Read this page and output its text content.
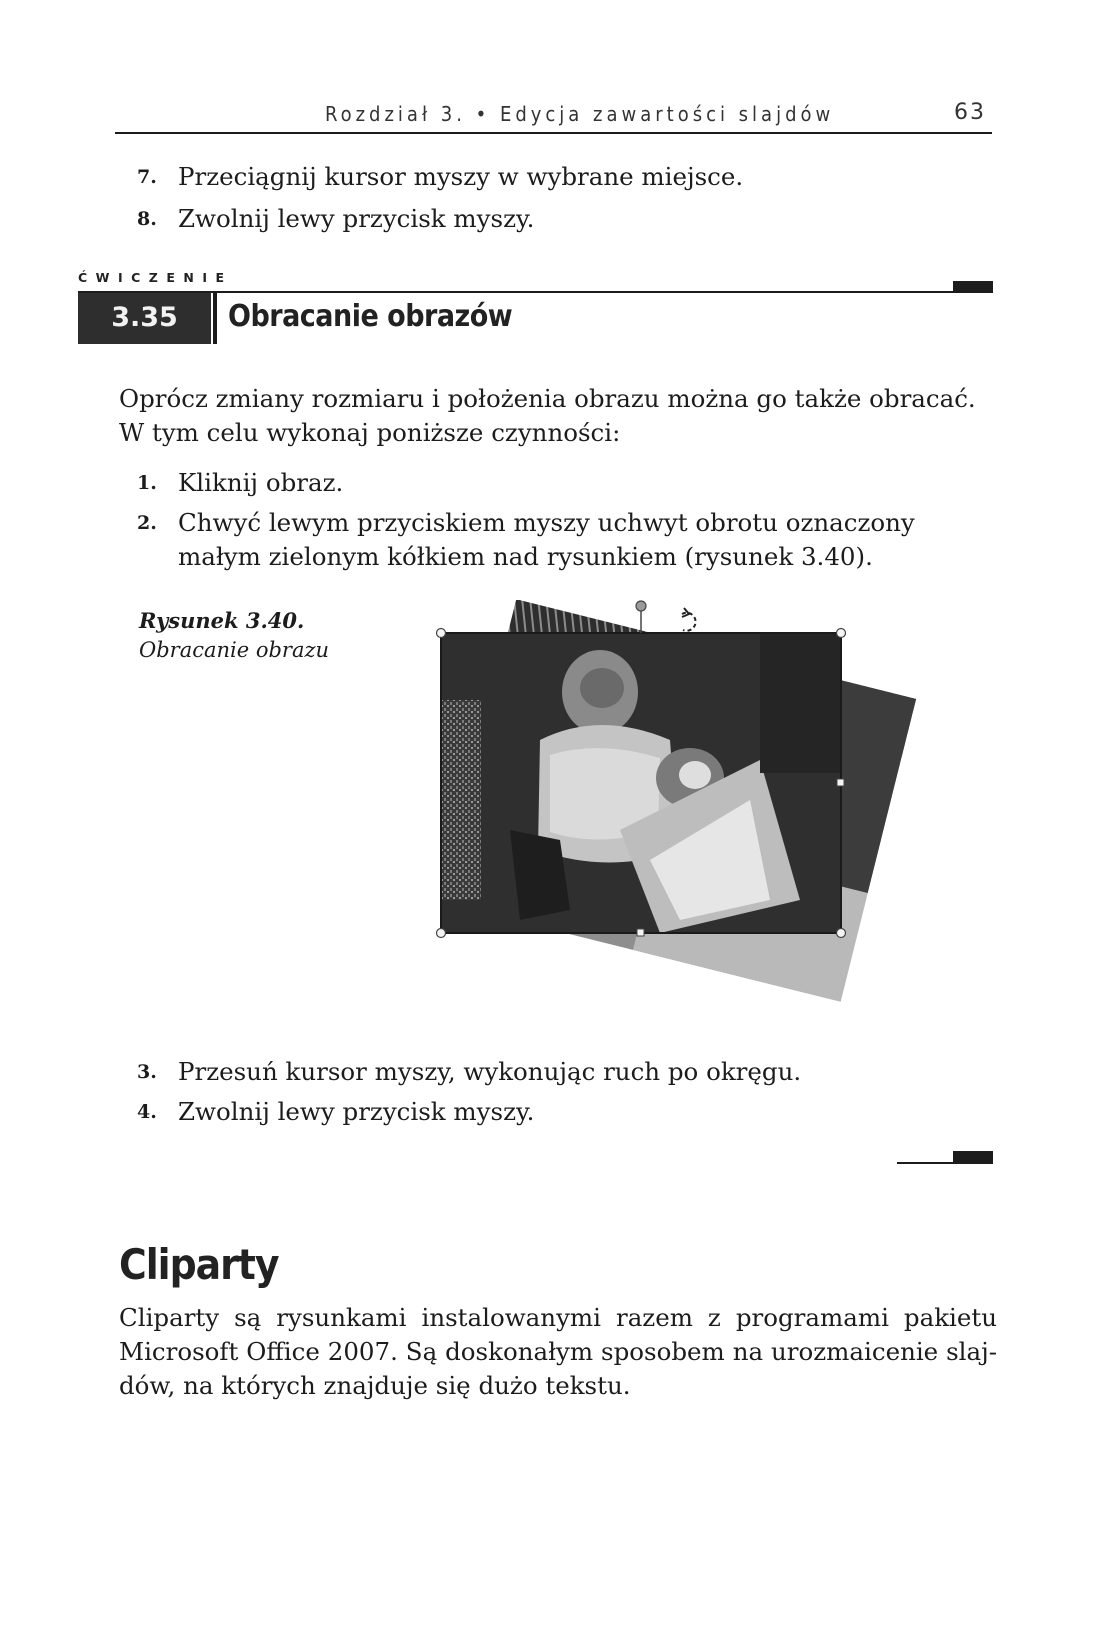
Rozdział 3. • Edycja zawartości slajdów	63
7. Przeciągnij kursor myszy w wybrane miejsce.
8. Zwolnij lewy przycisk myszy.
ĆWICZENIE
3.35	Obracanie obrazów
Oprócz zmiany rozmiaru i położenia obrazu można go także obracać. W tym celu wykonaj poniższe czynności:
1. Kliknij obraz.
2. Chwyć lewym przyciskiem myszy uchwyt obrotu oznaczony małym zielonym kółkiem nad rysunkiem (rysunek 3.40).
Rysunek 3.40.
Obracanie obrazu
3. Przesuń kursor myszy, wykonując ruch po okręgu.
4. Zwolnij lewy przycisk myszy.
Cliparty
Cliparty są rysunkami instalowanymi razem z programami pakietu
Microsoft Office 2007. Są doskonałym sposobem na urozmaicenie slaj-
dów, na których znajduje się dużo tekstu.
